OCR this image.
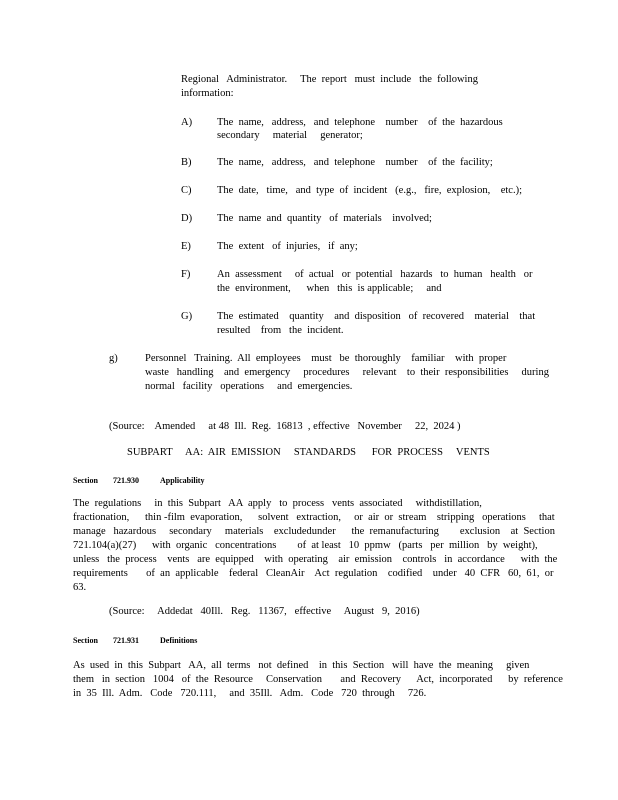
Regional   Administrator.     The  report   must  include   the  following
information:
A) The  name,   address,   and  telephone    number    of  the  hazardous
secondary     material     generator;
B) The  name,   address,   and  telephone    number    of  the  facility;
C) The  date,   time,   and  type  of  incident   (e.g.,   fire,  explosion,    etc.);
D) The  name  and  quantity   of  materials    involved;
E) The  extent   of  injuries,   if  any;
F)	An  assessment     of  actual   or  potential   hazards   to  human   health   or
the  environment,      when   this  is applicable;     and
G) The  estimated    quantity    and  disposition   of  recovered    material    that
resulted    from   the  incident.
g)	Personnel   Training.  All  employees    must   be  thoroughly    familiar    with  proper
waste   handling    and  emergency     procedures     relevant    to  their  responsibilities     during
normal   facility   operations     and  emergencies.
(Source:    Amended     at 48  Ill.  Reg.  16813  , effective   November     22,  2024 )
SUBPART     AA:  AIR  EMISSION     STANDARDS      FOR  PROCESS     VENTS
Section 721.930	Applicability
The  regulations     in  this  Subpart   AA  apply   to  process   vents  associated     withdistillation,
fractionation,      thin -film  evaporation,      solvent   extraction,     or  air  or  stream    stripping   operations     that
manage   hazardous     secondary     materials    excludedunder      the  remanufacturing        exclusion    at  Section
721.104(a)(27)      with  organic   concentrations        of  at least   10  ppmw   (parts   per  million   by  weight),
unless   the  process    vents   are  equipped    with  operating    air  emission    controls   in  accordance      with  the
requirements       of  an  applicable    federal   CleanAir    Act  regulation    codified    under   40  CFR   60,  61,  or
63.
(Source:     Addedat   40Ill.   Reg.   11367,   effective     August   9,  2016)
Section 721.931	Definitions
As  used  in  this  Subpart   AA,  all  terms   not  defined    in  this  Section   will  have  the  meaning     given
them   in  section   1004   of  the  Resource     Conservation       and  Recovery      Act,  incorporated      by  reference
in  35  Ill.  Adm.   Code   720.111,     and  35Ill.   Adm.   Code   720  through     726.
